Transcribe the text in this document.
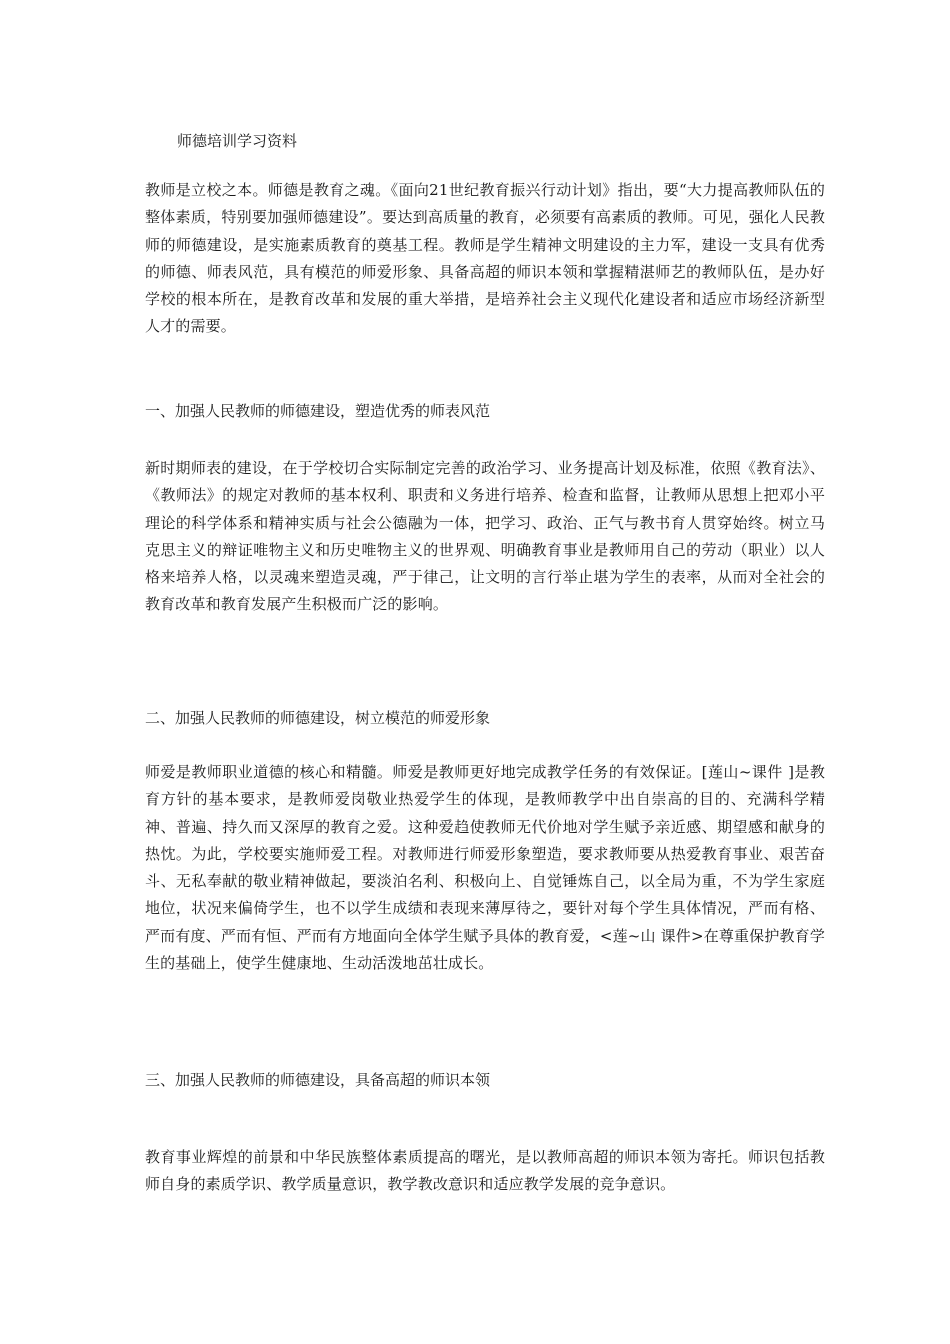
师德培训学习资料

教师是立校之本。师德是教育之魂。《面向21世纪教育振兴行动计划》指出，要“大力提高教师队伍的整体素质，特别要加强师德建设”。要达到高质量的教育，必须要有高素质的教师。可见，强化人民教师的师德建设，是实施素质教育的奠基工程。教师是学生精神文明建设的主力军，建设一支具有优秀的师德、师表风范，具有模范的师爱形象、具备高超的师识本领和掌握精湛师艺的教师队伍，是办好学校的根本所在，是教育改革和发展的重大举措，是培养社会主义现代化建设者和适应市场经济新型人才的需要。

一、加强人民教师的师德建设，塑造优秀的师表风范

新时期师表的建设，在于学校切合实际制定完善的政治学习、业务提高计划及标准，依照《教育法》、《教师法》的规定对教师的基本权利、职责和义务进行培养、检查和监督，让教师从思想上把邓小平理论的科学体系和精神实质与社会公德融为一体，把学习、政治、正气与教书育人贯穿始终。树立马克思主义的辩证唯物主义和历史唯物主义的世界观、明确教育事业是教师用自己的劳动（职业）以人格来培养人格，以灵魂来塑造灵魂，严于律己，让文明的言行举止堪为学生的表率，从而对全社会的教育改革和教育发展产生积极而广泛的影响。

二、加强人民教师的师德建设，树立模范的师爱形象

师爱是教师职业道德的核心和精髓。师爱是教师更好地完成教学任务的有效保证。[莲山~课件 ]是教育方针的基本要求，是教师爱岗敬业热爱学生的体现，是教师教学中出自崇高的目的、充满科学精神、普遍、持久而又深厚的教育之爱。这种爱趋使教师无代价地对学生赋予亲近感、期望感和献身的热忱。为此，学校要实施师爱工程。对教师进行师爱形象塑造，要求教师要从热爱教育事业、艰苦奋斗、无私奉献的敬业精神做起，要淡泊名利、积极向上、自觉锤炼自己，以全局为重，不为学生家庭地位，状况来偏倚学生，也不以学生成绩和表现来薄厚待之，要针对每个学生具体情况，严而有格、严而有度、严而有恒、严而有方地面向全体学生赋予具体的教育爱，<莲~山 课件>在尊重保护教育学生的基础上，使学生健康地、生动活泼地茁壮成长。

三、加强人民教师的师德建设，具备高超的师识本领

教育事业辉煌的前景和中华民族整体素质提高的曙光，是以教师高超的师识本领为寄托。师识包括教师自身的素质学识、教学质量意识，教学教改意识和适应教学发展的竞争意识。
